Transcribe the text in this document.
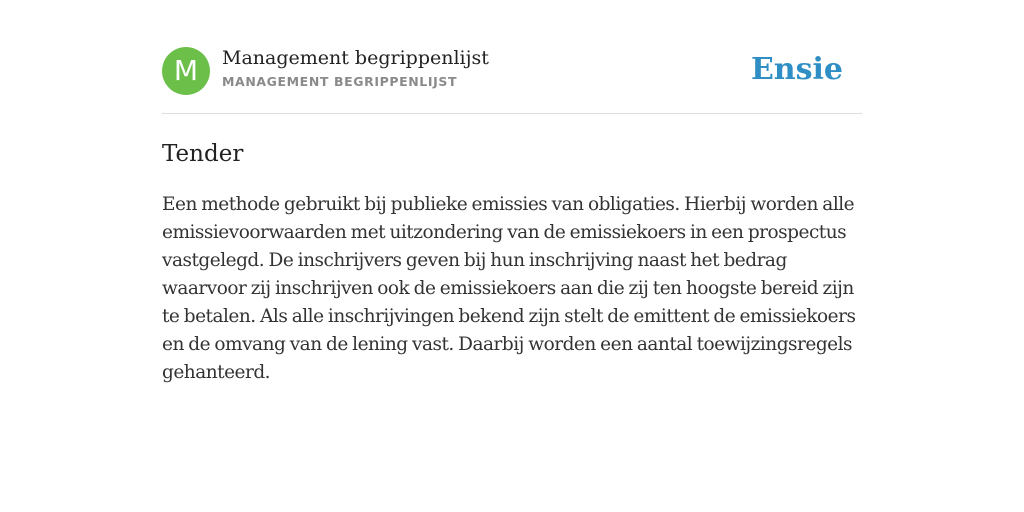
M	Management begrippenlijst
MANAGEMENT BEGRIPPENLIJST	Ensie
Tender

Een methode gebruikt bij publieke emissies van obligaties. Hierbij worden alle emissievoorwaarden met uitzondering van de emissiekoers in een prospectus vastgelegd. De inschrijvers geven bij hun inschrijving naast het bedrag waarvoor zij inschrijven ook de emissiekoers aan die zij ten hoogste bereid zijn te betalen. Als alle inschrijvingen bekend zijn stelt de emittent de emissiekoers en de omvang van de lening vast. Daarbij worden een aantal toewijzingsregels gehanteerd.
